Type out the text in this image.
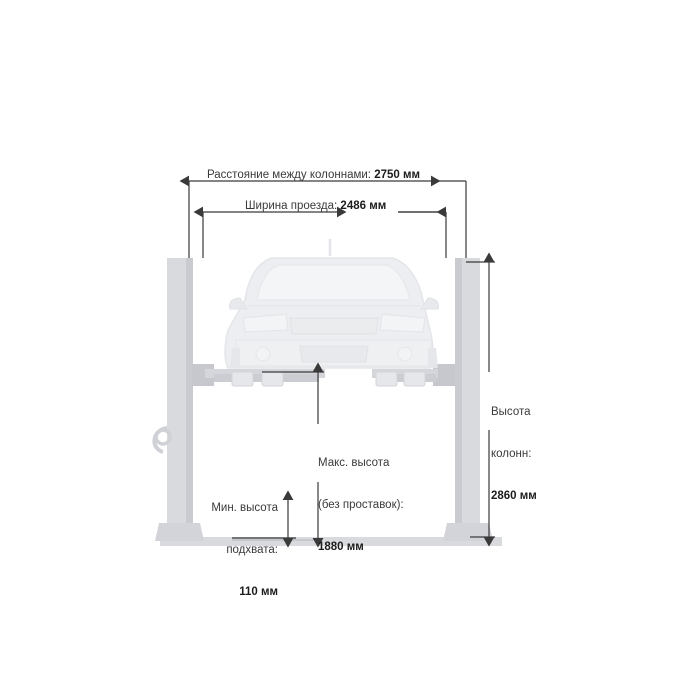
Расстояние между колоннами: 2750 мм
Ширина проезда: 2486 мм

Высота

колонн:

2860 мм

Макс. высота

(без проставок):

1880 мм

Мин. высота

подхвата:

110 мм
